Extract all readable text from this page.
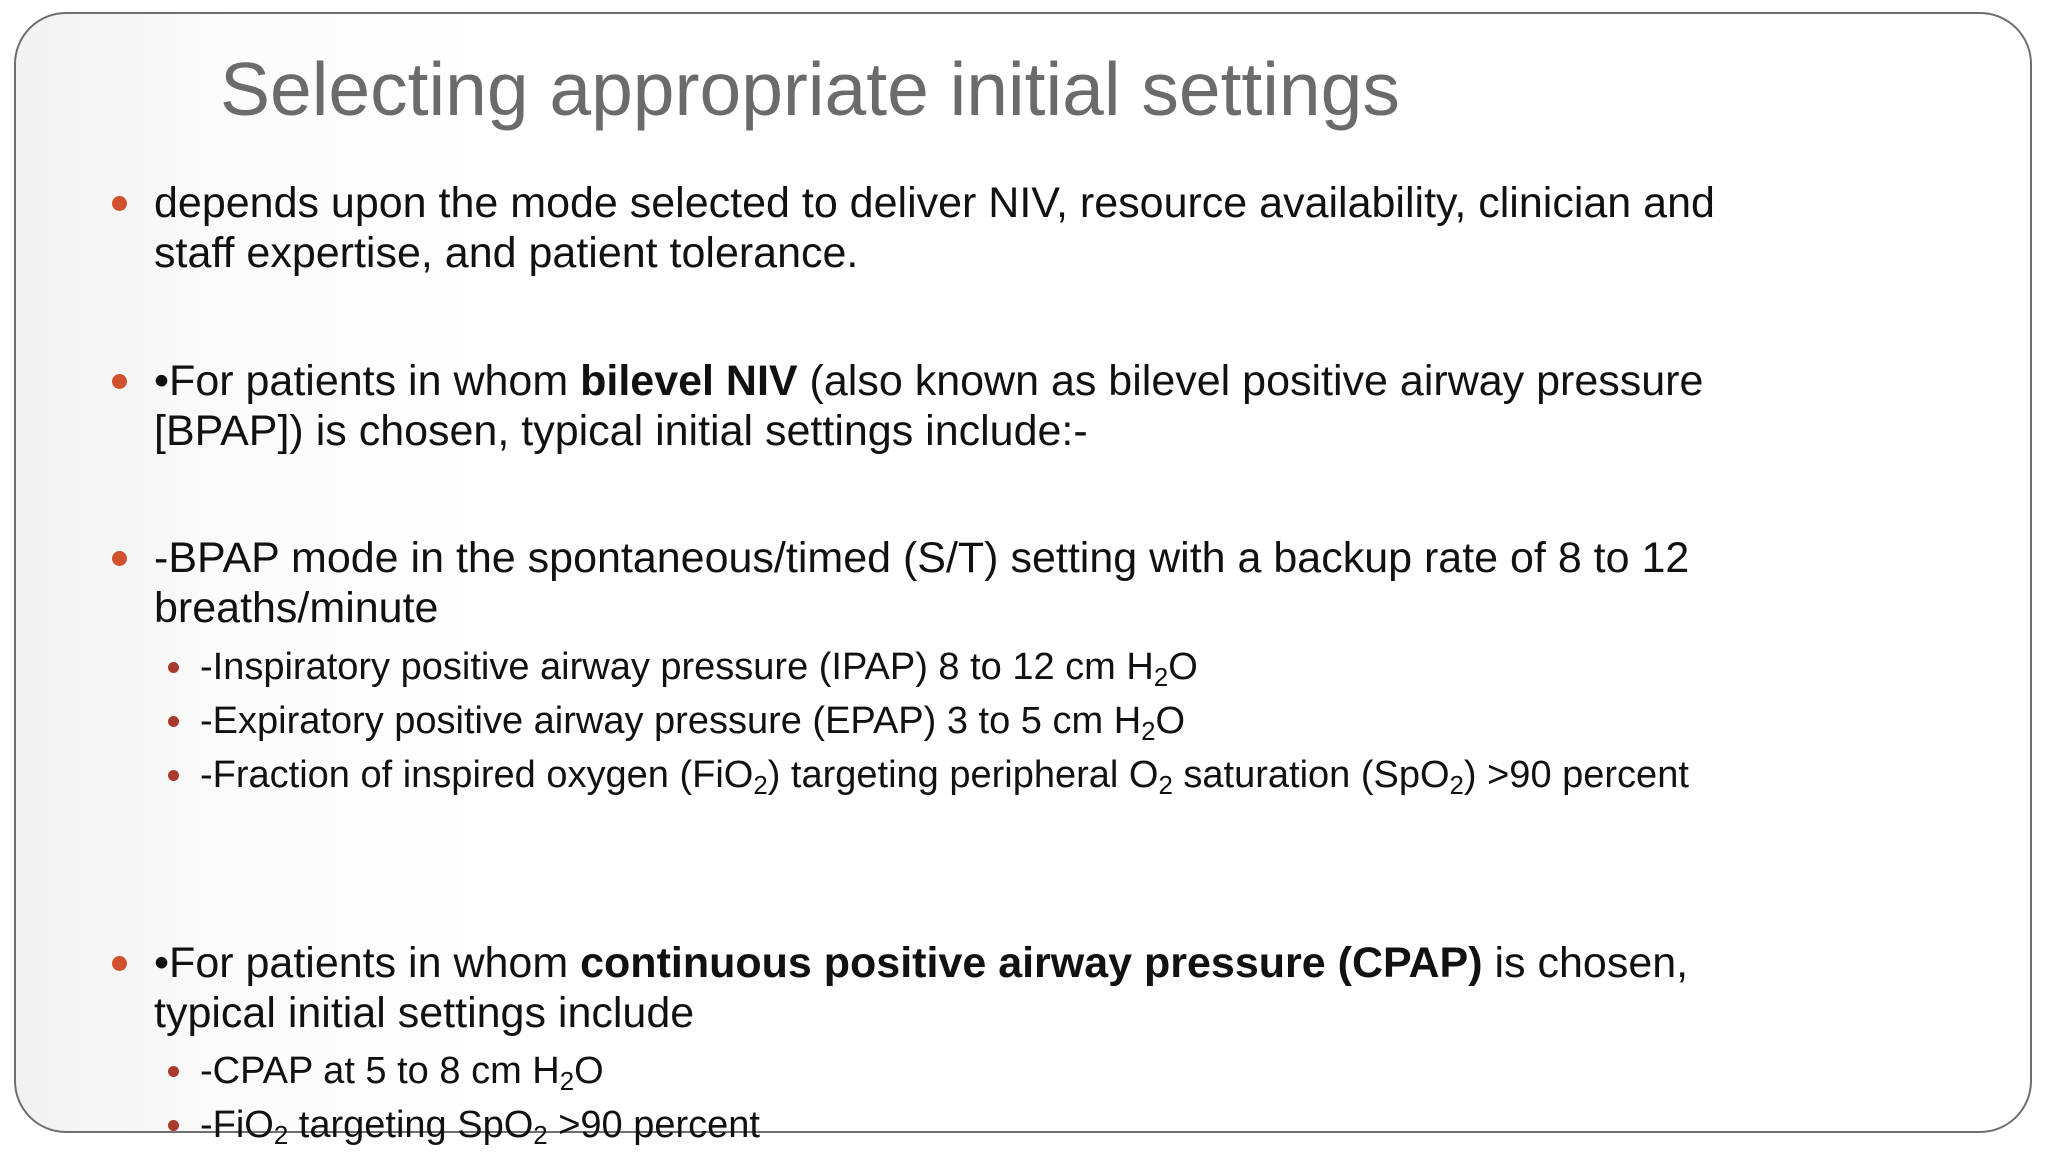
Selecting appropriate initial settings
depends upon the mode selected to deliver NIV, resource availability, clinician and
staff expertise, and patient tolerance.
•For patients in whom bilevel NIV (also known as bilevel positive airway pressure
[BPAP]) is chosen, typical initial settings include:-
-BPAP mode in the spontaneous/timed (S/T) setting with a backup rate of 8 to 12
breaths/minute
-Inspiratory positive airway pressure (IPAP) 8 to 12 cm $H_2O$
-Expiratory positive airway pressure (EPAP) 3 to 5 cm $H_2O$
-Fraction of inspired oxygen (FiO$_2$) targeting peripheral $O_2$ saturation (SpO$_2$) >90 percent
•For patients in whom continuous positive airway pressure (CPAP) is chosen,
typical initial settings include
-CPAP at 5 to 8 cm $H_2O$
-FiO$_2$ targeting SpO$_2$ >90 percent
